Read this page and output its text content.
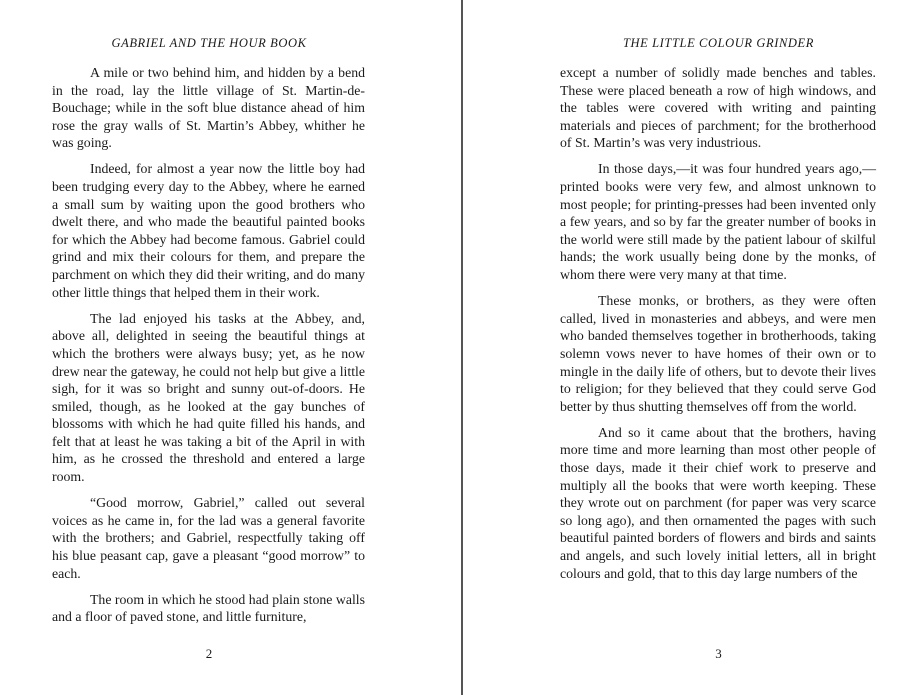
GABRIEL AND THE HOUR BOOK

A mile or two behind him, and hidden by a bend in the road, lay the little village of St. Martin-de-Bouchage; while in the soft blue distance ahead of him rose the gray walls of St. Martin’s Abbey, whither he was going.

Indeed, for almost a year now the little boy had been trudging every day to the Abbey, where he earned a small sum by waiting upon the good brothers who dwelt there, and who made the beautiful painted books for which the Abbey had become famous. Gabriel could grind and mix their colours for them, and prepare the parchment on which they did their writing, and do many other little things that helped them in their work.

The lad enjoyed his tasks at the Abbey, and, above all, delighted in seeing the beautiful things at which the brothers were always busy; yet, as he now drew near the gateway, he could not help but give a little sigh, for it was so bright and sunny out-of-doors. He smiled, though, as he looked at the gay bunches of blossoms with which he had quite filled his hands, and felt that at least he was taking a bit of the April in with him, as he crossed the threshold and entered a large room.

“Good morrow, Gabriel,” called out several voices as he came in, for the lad was a general favorite with the brothers; and Gabriel, respectfully taking off his blue peasant cap, gave a pleasant “good morrow” to each.

The room in which he stood had plain stone walls and a floor of paved stone, and little furniture,

2
THE LITTLE COLOUR GRINDER

except a number of solidly made benches and tables. These were placed beneath a row of high windows, and the tables were covered with writing and painting materials and pieces of parchment; for the brotherhood of St. Martin’s was very industrious.

In those days,—it was four hundred years ago,—printed books were very few, and almost unknown to most people; for printing-presses had been invented only a few years, and so by far the greater number of books in the world were still made by the patient labour of skilful hands; the work usually being done by the monks, of whom there were very many at that time.

These monks, or brothers, as they were often called, lived in monasteries and abbeys, and were men who banded themselves together in brotherhoods, taking solemn vows never to have homes of their own or to mingle in the daily life of others, but to devote their lives to religion; for they believed that they could serve God better by thus shutting themselves off from the world.

And so it came about that the brothers, having more time and more learning than most other people of those days, made it their chief work to preserve and multiply all the books that were worth keeping. These they wrote out on parchment (for paper was very scarce so long ago), and then ornamented the pages with such beautiful painted borders of flowers and birds and saints and angels, and such lovely initial letters, all in bright colours and gold, that to this day large numbers of the

3
